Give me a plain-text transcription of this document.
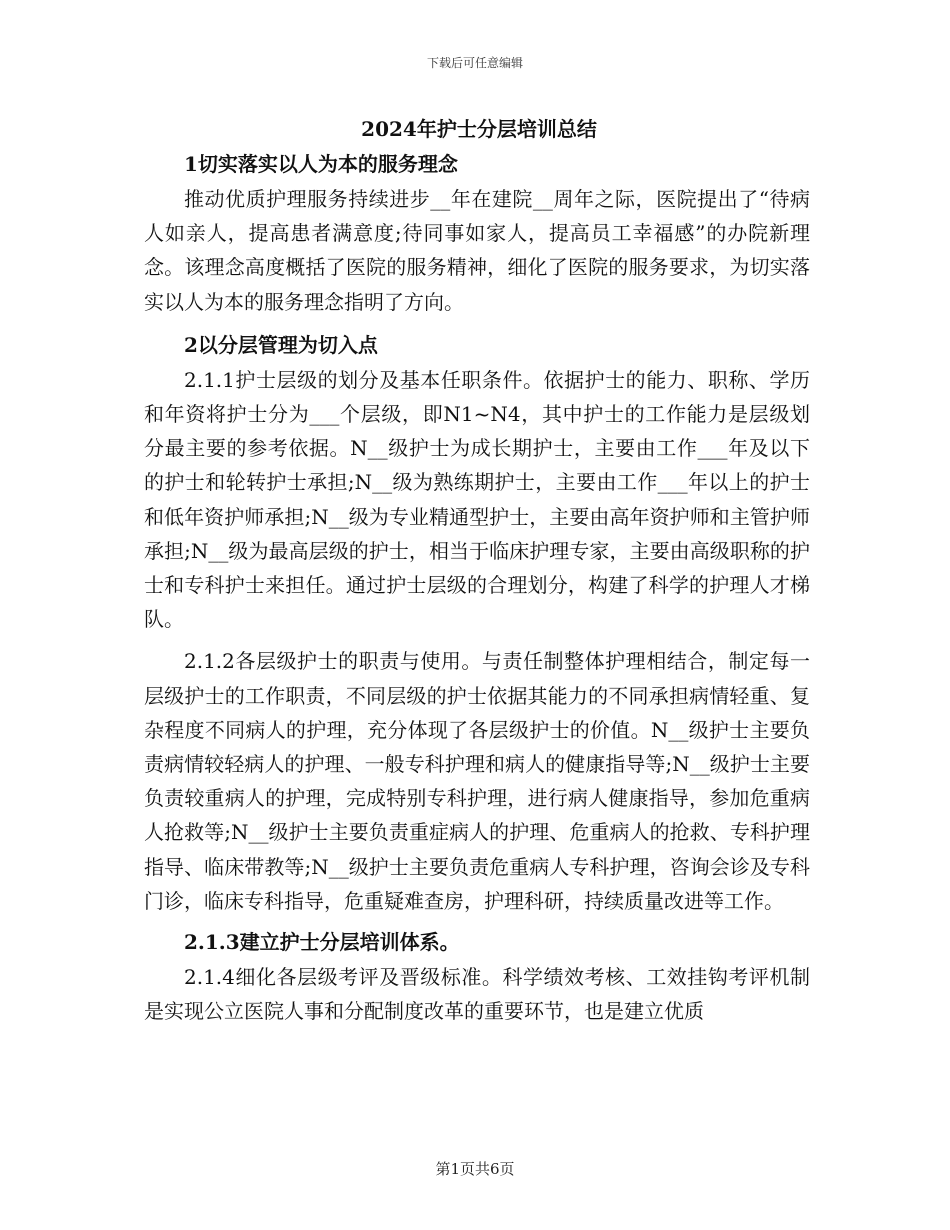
下载后可任意编辑
2024年护士分层培训总结
1切实落实以人为本的服务理念

推动优质护理服务持续进步__年在建院__周年之际，医院提出了“待病人如亲人，提高患者满意度;待同事如家人，提高员工幸福感”的办院新理念。该理念高度概括了医院的服务精神，细化了医院的服务要求，为切实落实以人为本的服务理念指明了方向。

2以分层管理为切入点

2.1.1护士层级的划分及基本任职条件。依据护士的能力、职称、学历和年资将护士分为___个层级，即N1~N4，其中护士的工作能力是层级划分最主要的参考依据。N__级护士为成长期护士，主要由工作___年及以下的护士和轮转护士承担;N__级为熟练期护士，主要由工作___年以上的护士和低年资护师承担;N__级为专业精通型护士，主要由高年资护师和主管护师承担;N__级为最高层级的护士，相当于临床护理专家，主要由高级职称的护士和专科护士来担任。通过护士层级的合理划分，构建了科学的护理人才梯队。

2.1.2各层级护士的职责与使用。与责任制整体护理相结合，制定每一层级护士的工作职责，不同层级的护士依据其能力的不同承担病情轻重、复杂程度不同病人的护理，充分体现了各层级护士的价值。N__级护士主要负责病情较轻病人的护理、一般专科护理和病人的健康指导等;N__级护士主要负责较重病人的护理，完成特别专科护理，进行病人健康指导，参加危重病人抢救等;N__级护士主要负责重症病人的护理、危重病人的抢救、专科护理指导、临床带教等;N__级护士主要负责危重病人专科护理，咨询会诊及专科门诊，临床专科指导，危重疑难查房，护理科研，持续质量改进等工作。

2.1.3建立护士分层培训体系。

2.1.4细化各层级考评及晋级标准。科学绩效考核、工效挂钩考评机制是实现公立医院人事和分配制度改革的重要环节，也是建立优质

第1页共6页
